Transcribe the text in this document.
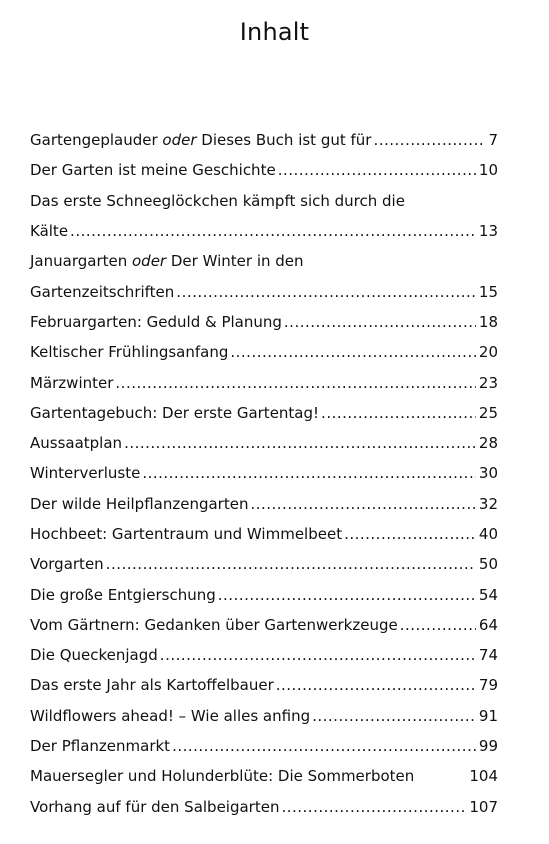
Inhalt
Gartengeplauder oder Dieses Buch ist gut für .....	7
Der Garten ist meine Geschichte .....	10
Das erste Schneeglöckchen kämpft sich durch die
Kälte .....	13
Januargarten oder Der Winter in den
Gartenzeitschriften .....	15
Februargarten: Geduld & Planung .....	18
Keltischer Frühlingsanfang .....	20
Märzwinter .....	23
Gartentagebuch: Der erste Gartentag! .....	25
Aussaatplan .....	28
Winterverluste .....	30
Der wilde Heilpflanzengarten .....	32
Hochbeet: Gartentraum und Wimmelbeet .....	40
Vorgarten .....	50
Die große Entgierschung .....	54
Vom Gärtnern: Gedanken über Gartenwerkzeuge .....	64
Die Queckenjagd .....	74
Das erste Jahr als Kartoffelbauer .....	79
Wildflowers ahead! – Wie alles anfing .....	91
Der Pflanzenmarkt .....	99
Mauersegler und Holunderblüte: Die Sommerboten	104
Vorhang auf für den Salbeigarten .....	107
